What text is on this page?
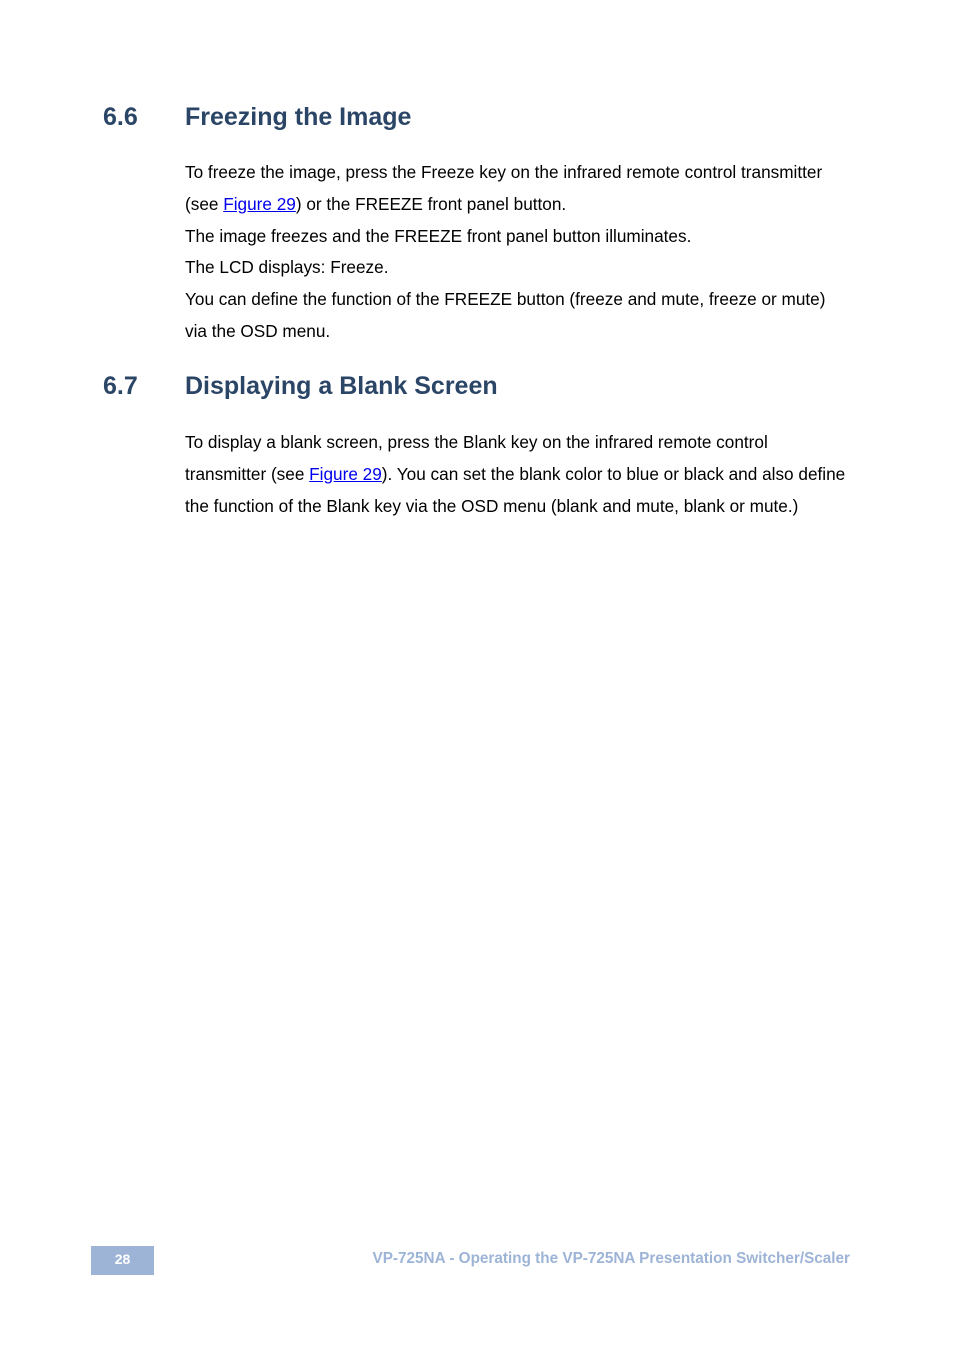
6.6 Freezing the Image

To freeze the image, press the Freeze key on the infrared remote control transmitter (see Figure 29) or the FREEZE front panel button.

The image freezes and the FREEZE front panel button illuminates.

The LCD displays: Freeze.

You can define the function of the FREEZE button (freeze and mute, freeze or mute) via the OSD menu.

6.7 Displaying a Blank Screen

To display a blank screen, press the Blank key on the infrared remote control transmitter (see Figure 29). You can set the blank color to blue or black and also define the function of the Blank key via the OSD menu (blank and mute, blank or mute.)

28	VP-725NA - Operating the VP-725NA Presentation Switcher/Scaler
